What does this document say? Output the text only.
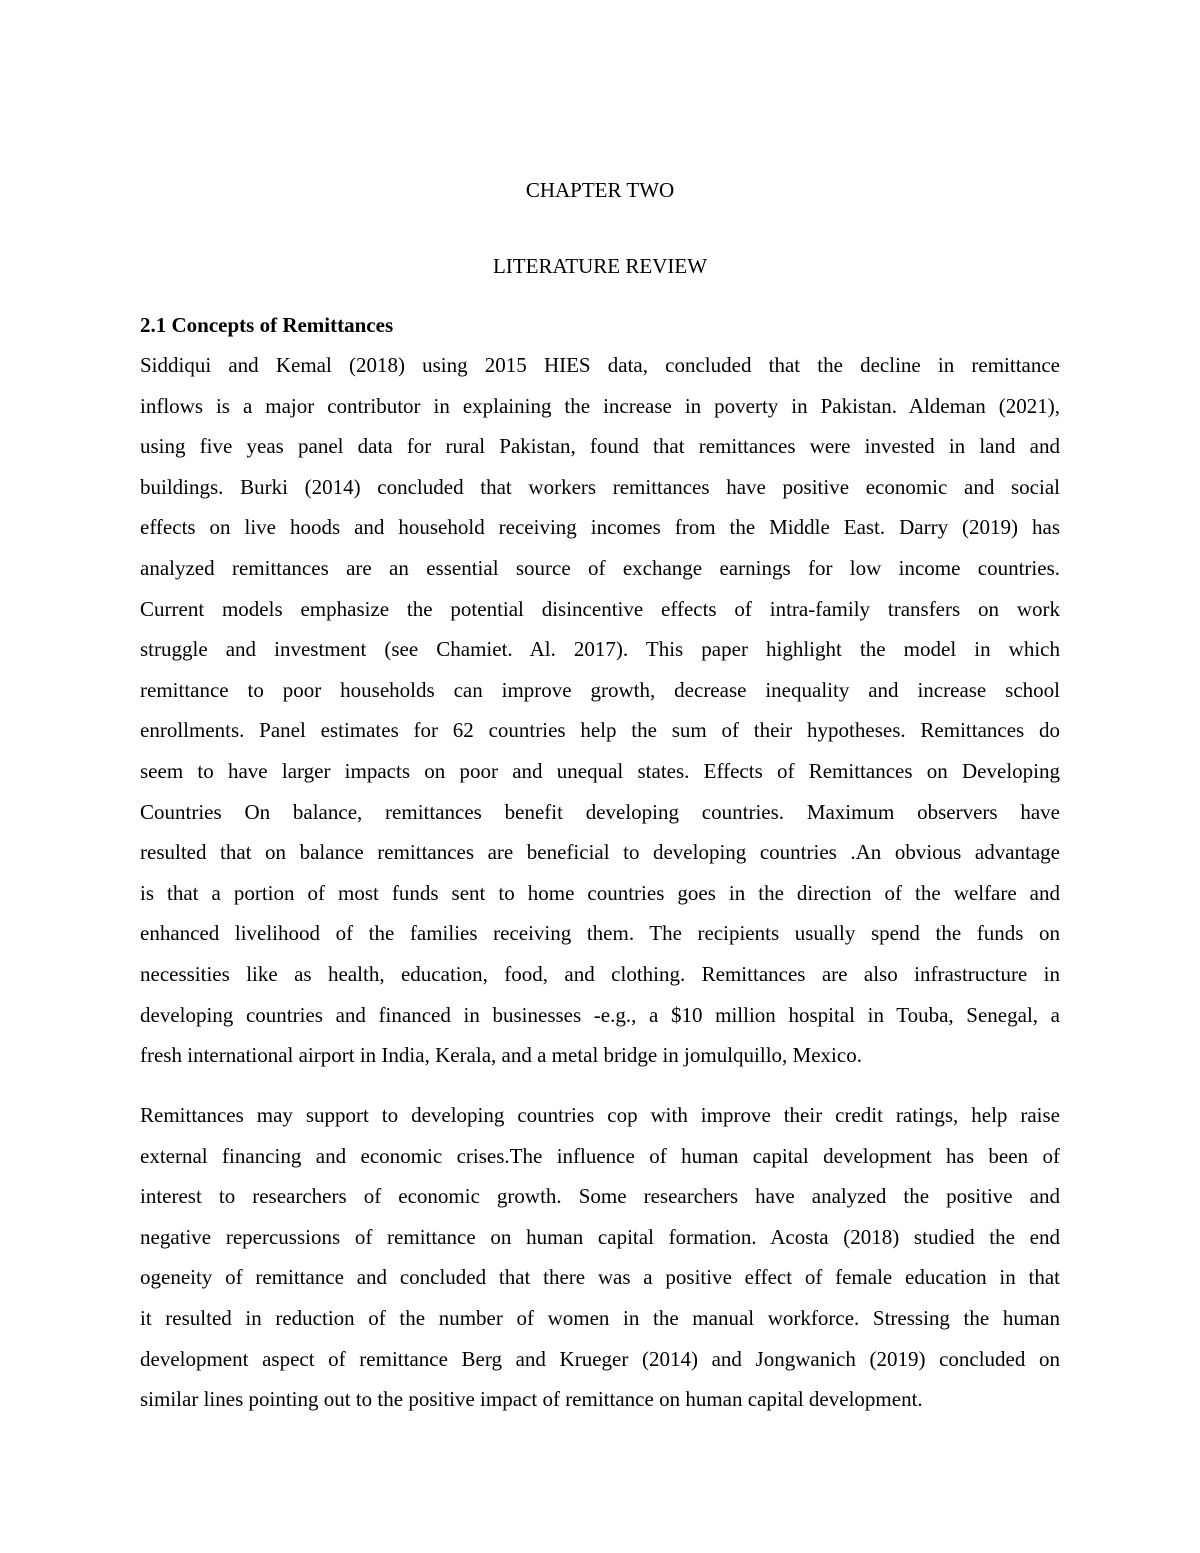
CHAPTER TWO
LITERATURE REVIEW
2.1 Concepts of Remittances
Siddiqui and Kemal (2018) using 2015 HIES data, concluded that the decline in remittance
inflows is a major contributor in explaining the increase in poverty in Pakistan. Aldeman (2021),
using five yeas panel data for rural Pakistan, found that remittances were invested in land and
buildings. Burki (2014) concluded that workers remittances have positive economic and social
effects on live hoods and household receiving incomes from the Middle East. Darry (2019) has
analyzed remittances are an essential source of exchange earnings for low income countries.
Current models emphasize the potential disincentive effects of intra-family transfers on work
struggle and investment (see Chamiet. Al. 2017). This paper highlight the model in which
remittance to poor households can improve growth, decrease inequality and increase school
enrollments. Panel estimates for 62 countries help the sum of their hypotheses. Remittances do
seem to have larger impacts on poor and unequal states. Effects of Remittances on Developing
Countries On balance, remittances benefit developing countries. Maximum observers have
resulted that on balance remittances are beneficial to developing countries .An obvious advantage
is that a portion of most funds sent to home countries goes in the direction of the welfare and
enhanced livelihood of the families receiving them. The recipients usually spend the funds on
necessities like as health, education, food, and clothing. Remittances are also infrastructure in
developing countries and financed in businesses -e.g., a $10 million hospital in Touba, Senegal, a
fresh international airport in India, Kerala, and a metal bridge in jomulquillo, Mexico.
Remittances may support to developing countries cop with improve their credit ratings, help raise
external financing and economic crises.The influence of human capital development has been of
interest to researchers of economic growth. Some researchers have analyzed the positive and
negative repercussions of remittance on human capital formation. Acosta (2018) studied the end
ogeneity of remittance and concluded that there was a positive effect of female education in that
it resulted in reduction of the number of women in the manual workforce. Stressing the human
development aspect of remittance Berg and Krueger (2014) and Jongwanich (2019) concluded on
similar lines pointing out to the positive impact of remittance on human capital development.
